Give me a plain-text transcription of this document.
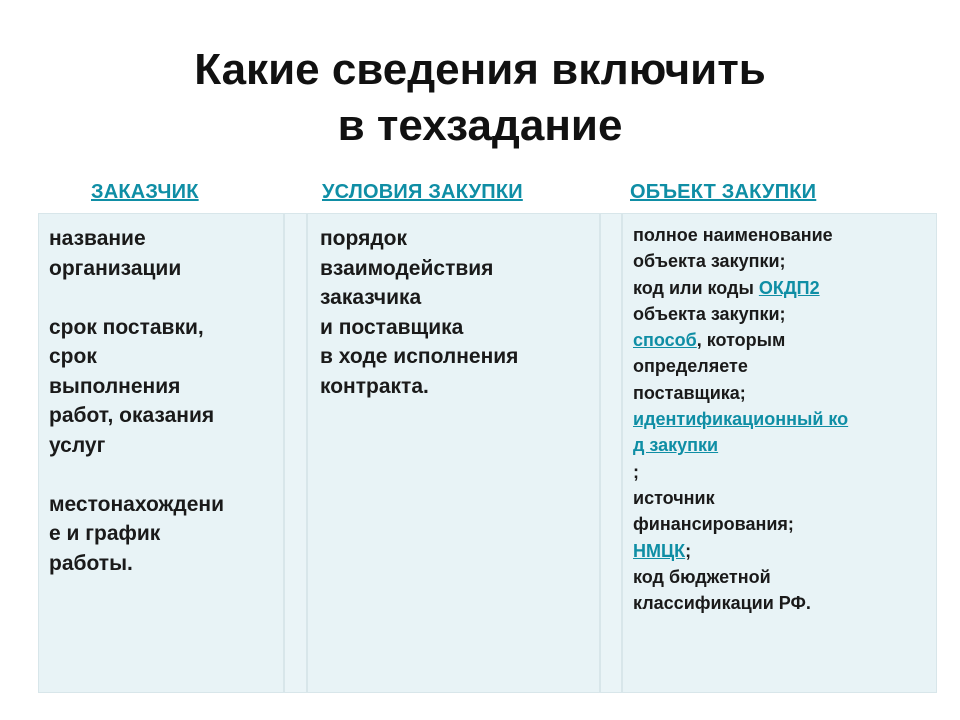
Какие сведения включить
в техзадание
ЗАКАЗЧИК	УСЛОВИЯ ЗАКУПКИ	ОБЪЕКТ ЗАКУПКИ

название
организации
срок поставки,
срок
выполнения
работ, оказания
услуг
местонахождени
е и график
работы.

порядок
взаимодействия
заказчика
и поставщика
в ходе исполнения
контракта.

полное наименование
объекта закупки;
код или коды ОКДП2
объекта закупки;
способ, которым
определяете
поставщика;
идентификационный ко
д закупки
;
источник
финансирования;
НМЦК;
код бюджетной
классификации РФ.
